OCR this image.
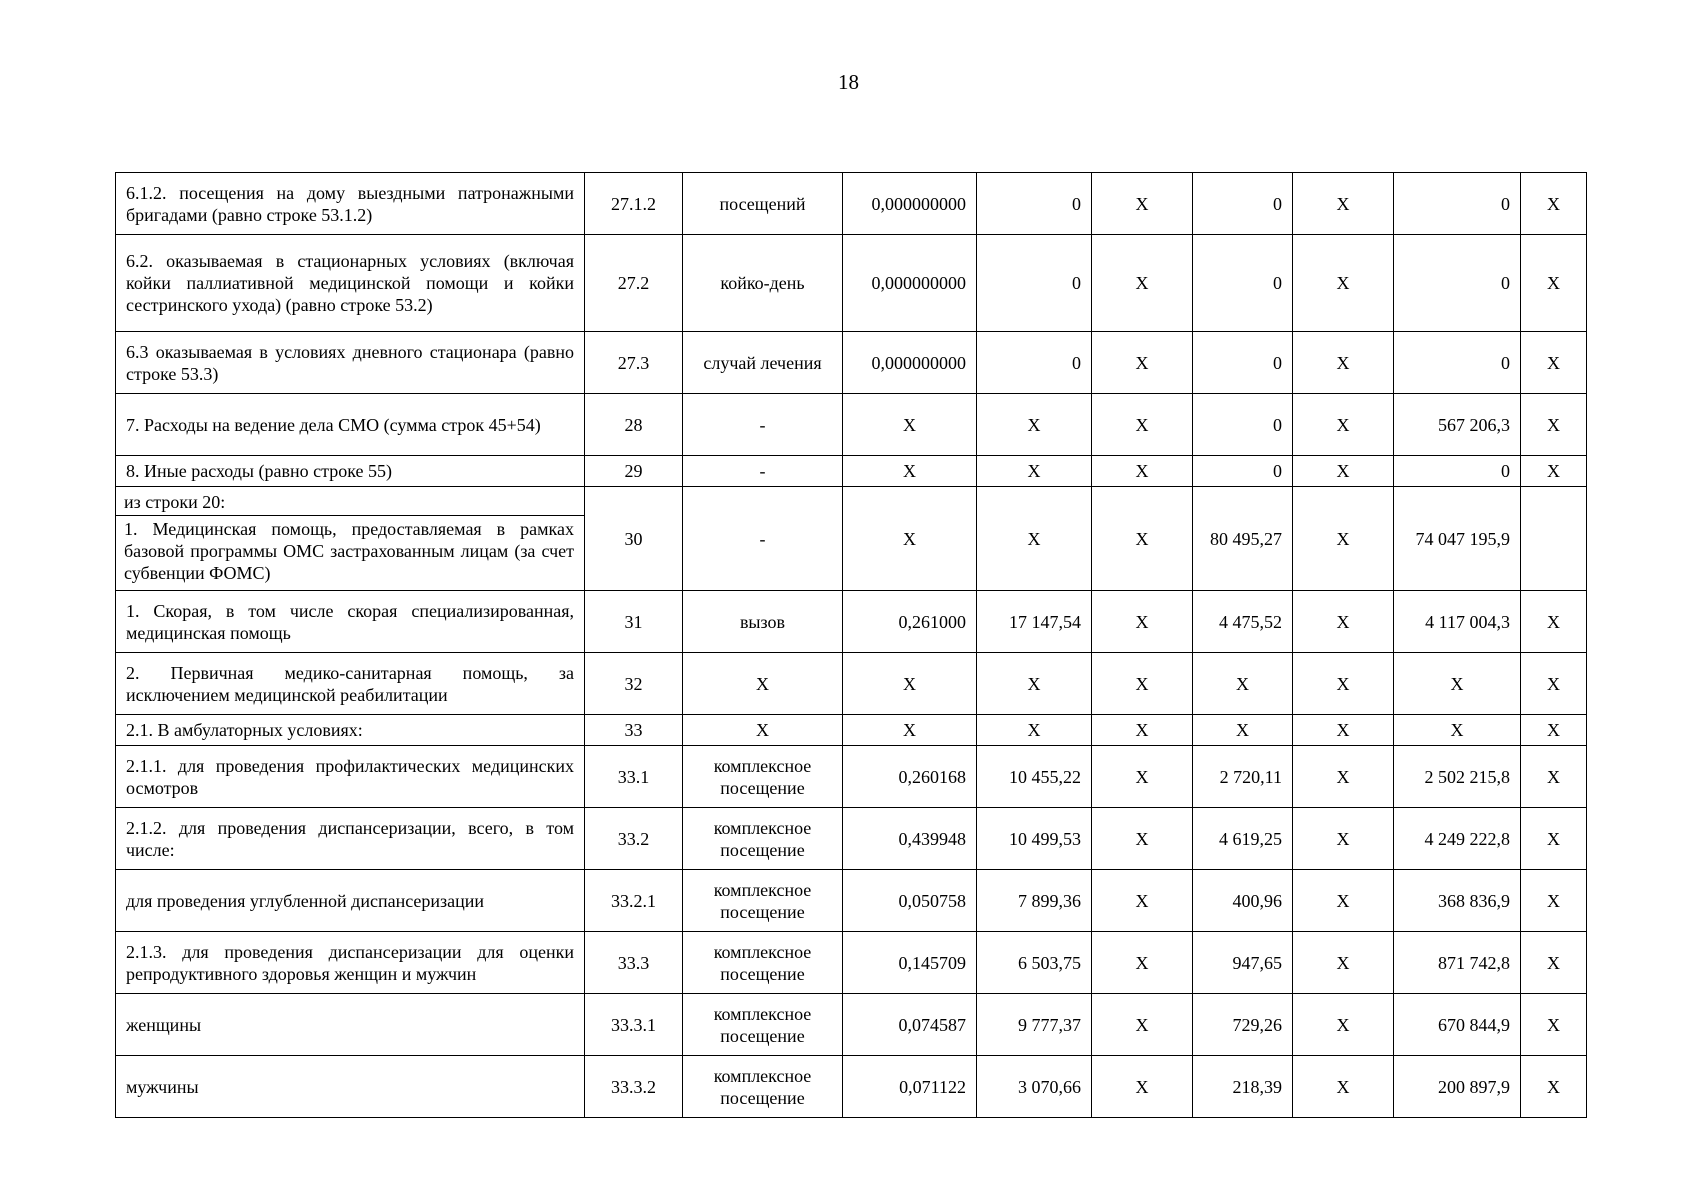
18
6.1.2. посещения на дому выездными патронажными бригадами (равно строке 53.1.2)	27.1.2	посещений	0,000000000	0	X	0	X	0	X
6.2. оказываемая в стационарных условиях (включая койки паллиативной медицинской помощи и койки сестринского ухода) (равно строке 53.2)	27.2	койко-день	0,000000000	0	X	0	X	0	X
6.3 оказываемая в условиях дневного стационара (равно строке 53.3)	27.3	случай лечения	0,000000000	0	X	0	X	0	X
7. Расходы на ведение дела СМО (сумма строк 45+54)	28	-	X	X	X	0	X	567 206,3	X
8. Иные расходы (равно строке 55)	29	-	X	X	X	0	X	0	X

из строки 20:
1. Медицинская помощь, предоставляемая в рамках базовой программы ОМС застрахованным лицам (за счет субвенции ФОМС)	30	-	X	X	X	80 495,27	X	74 047 195,9	
1. Скорая, в том числе скорая специализированная, медицинская помощь	31	вызов	0,261000	17 147,54	X	4 475,52	X	4 117 004,3	X
2. Первичная медико-санитарная помощь, за исключением медицинской реабилитации	32	X	X	X	X	X	X	X	X
2.1. В амбулаторных условиях:	33	X	X	X	X	X	X	X	X
2.1.1. для проведения профилактических медицинских осмотров	33.1	комплексное посещение	0,260168	10 455,22	X	2 720,11	X	2 502 215,8	X
2.1.2. для проведения диспансеризации, всего, в том числе:	33.2	комплексное посещение	0,439948	10 499,53	X	4 619,25	X	4 249 222,8	X
для проведения углубленной диспансеризации	33.2.1	комплексное посещение	0,050758	7 899,36	X	400,96	X	368 836,9	X
2.1.3. для проведения диспансеризации для оценки репродуктивного здоровья женщин и мужчин	33.3	комплексное посещение	0,145709	6 503,75	X	947,65	X	871 742,8	X
женщины	33.3.1	комплексное посещение	0,074587	9 777,37	X	729,26	X	670 844,9	X
мужчины	33.3.2	комплексное посещение	0,071122	3 070,66	X	218,39	X	200 897,9	X
